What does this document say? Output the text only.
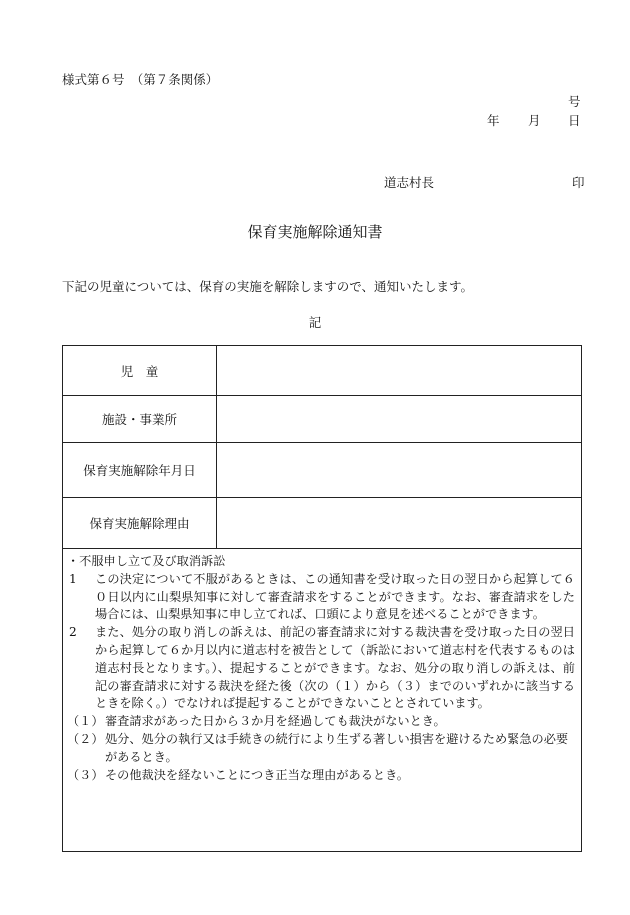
様式第６号　（第７条関係）
号
年 月 日
道志村長	印
保育実施解除通知書
下記の児童については、保育の実施を解除しますので、通知いたします。
記
児　童
施設・事業所
保育実施解除年月日
保育実施解除理由
・不服申し立て及び取消訴訟
1	この決定について不服があるときは、この通知書を受け取った日の翌日から起算して６０日以内に山梨県知事に対して審査請求をすることができます。なお、審査請求をした場合には、山梨県知事に申し立てれば、口頭により意見を述べることができます。
2	また、処分の取り消しの訴えは、前記の審査請求に対する裁決書を受け取った日の翌日から起算して６か月以内に道志村を被告として（訴訟において道志村を代表するものは道志村長となります。）、提起することができます。なお、処分の取り消しの訴えは、前記の審査請求に対する裁決を経た後（次の（１）から（３）までのいずれかに該当するときを除く。）でなければ提起することができないこととされています。
（１） 審査請求があった日から３か月を経過しても裁決がないとき。
（２） 処分、処分の執行又は手続きの続行により生ずる著しい損害を避けるため緊急の必要があるとき。
（３） その他裁決を経ないことにつき正当な理由があるとき。
